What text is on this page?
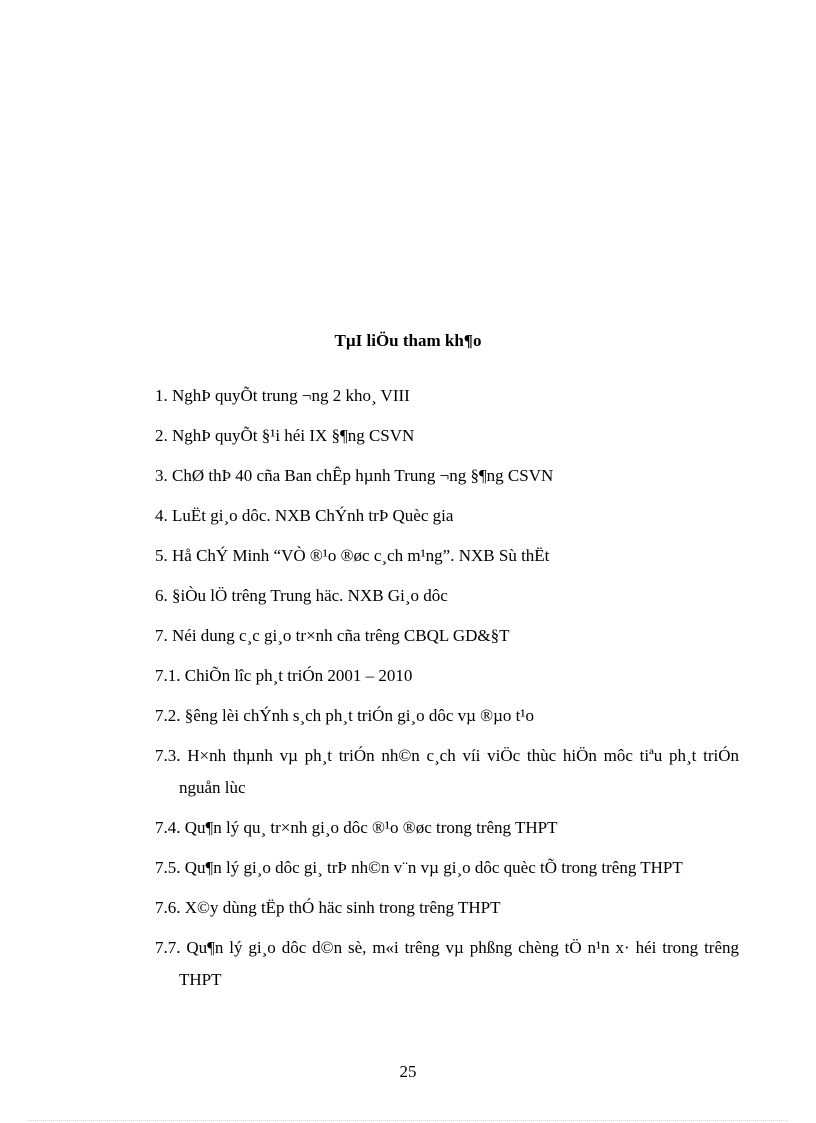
TµI liÖu tham kh¶o
1. NghÞ quyÕt trung ¬ng 2 kho¸ VIII
2. NghÞ quyÕt §¹i héi IX §¶ng CSVN
3. ChØ thÞ 40 cña Ban chÊp hµnh Trung ¬ng §¶ng CSVN
4. LuËt gi¸o dôc. NXB ChÝnh trÞ Quèc gia
5. Hå ChÝ Minh “VÒ ®¹o ®øc c¸ch m¹ng”. NXB Sù thËt
6. §iÒu lÖ trêng Trung häc. NXB Gi¸o dôc
7. Néi dung c¸c gi¸o tr×nh cña trêng CBQL GD&§T
7.1. ChiÕn lîc ph¸t triÓn 2001 – 2010
7.2. §êng lèi chÝnh s¸ch ph¸t triÓn gi¸o dôc vµ ®µo t¹o
7.3. H×nh thµnh vµ ph¸t triÓn nh©n c¸ch víi viÖc thùc hiÖn môc tiªu ph¸t triÓn nguån lùc
7.4. Qu¶n lý qu¸ tr×nh gi¸o dôc ®¹o ®øc trong trêng THPT
7.5. Qu¶n lý gi¸o dôc gi¸ trÞ nh©n v¨n vµ gi¸o dôc quèc tÕ trong trêng THPT
7.6. X©y dùng tËp thÓ häc sinh trong trêng THPT
7.7. Qu¶n lý gi¸o dôc d©n sè, m«i trêng vµ phßng chèng tÖ n¹n x· héi trong trêng THPT
25
